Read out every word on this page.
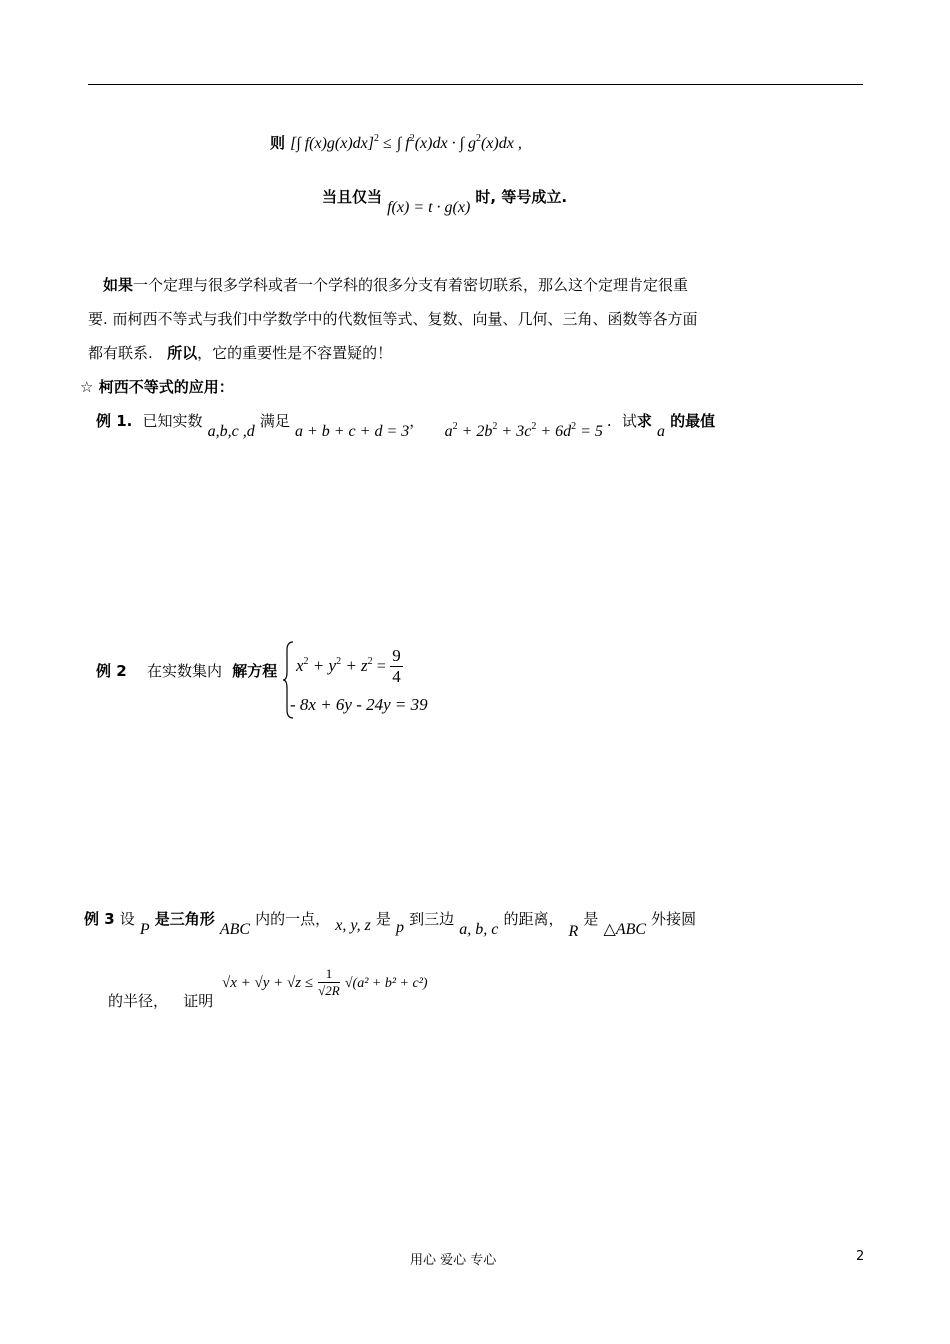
则 [∫ f(x)g(x)dx]$^2$ ≤ ∫ $f^2(x)dx$ · ∫ $g^2(x)dx$ ,
当且仅当 f(x) = t · g(x) 时, 等号成立.
如果一个定理与很多学科或者一个学科的很多分支有着密切联系，那么这个定理肯定很重
要. 而柯西不等式与我们中学数学中的代数恒等式、复数、向量、几何、三角、函数等各方面
都有联系. 所以，它的重要性是不容置疑的！
☆ 柯西不等式的应用：
例 1. 已知实数 a,b,c ,d 满足 a + b + c + d = 3，    $a^2 + 2b^2 + 3c^2 + 6d^2 = 5$ . 试求 a 的最值
例 2 在实数集内 解方程 $x^2 + y^2 + z^2 = \frac{9}{4}$
- 8x + 6y - 24y = 39
例 3 设 P 是三角形 ABC 内的一点， x, y, z 是 p 到三边 a, b, c 的距离， R 是 △ABC 外接圆
的半径， 证明
$√x + √y + √z \le \frac{1}{√2R} √(a^2 + b^2 + c^2)$
用心 爱心 专心	2
